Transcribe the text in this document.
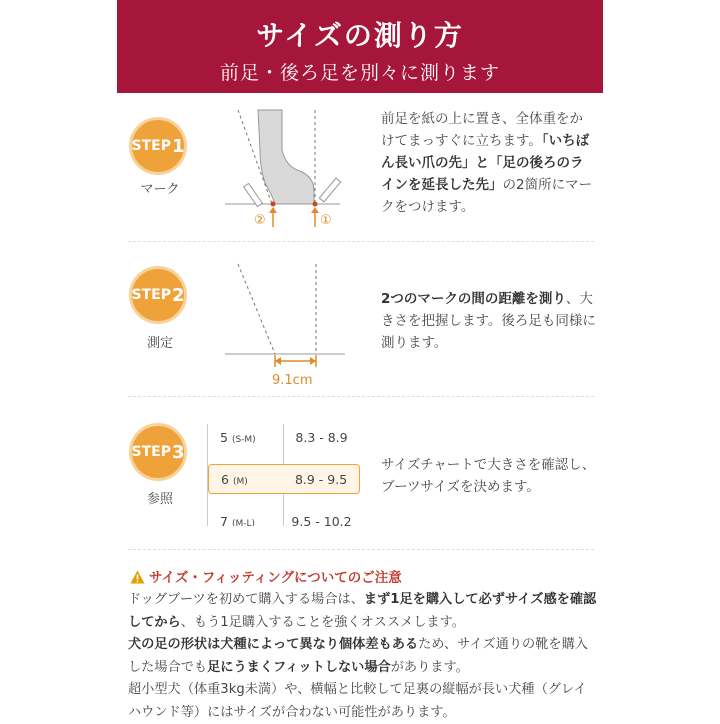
サイズの測り方
前足・後ろ足を別々に測ります
STEP 1
マーク
②	①
前足を紙の上に置き、全体重をかけてまっすぐに立ちます。「いちばん長い爪の先」と「足の後ろのラインを延長した先」の2箇所にマークをつけます。
STEP 2
測定
9.1cm
2つのマークの間の距離を測り、大きさを把握します。後ろ足も同様に測ります。
STEP 3
参照
5 (S-M)	8.3 - 8.9
6 (M)	8.9 - 9.5
7 (M-L)	9.5 - 10.2
サイズチャートで大きさを確認し、ブーツサイズを決めます。
サイズ・フィッティングについてのご注意
ドッグブーツを初めて購入する場合は、まず1足を購入して必ずサイズ感を確認してから、もう1足購入することを強くオススメします。
犬の足の形状は犬種によって異なり個体差もあるため、サイズ通りの靴を購入した場合でも足にうまくフィットしない場合があります。
超小型犬（体重3kg未満）や、横幅と比較して足裏の縦幅が長い犬種（グレイハウンド等）にはサイズが合わない可能性があります。
